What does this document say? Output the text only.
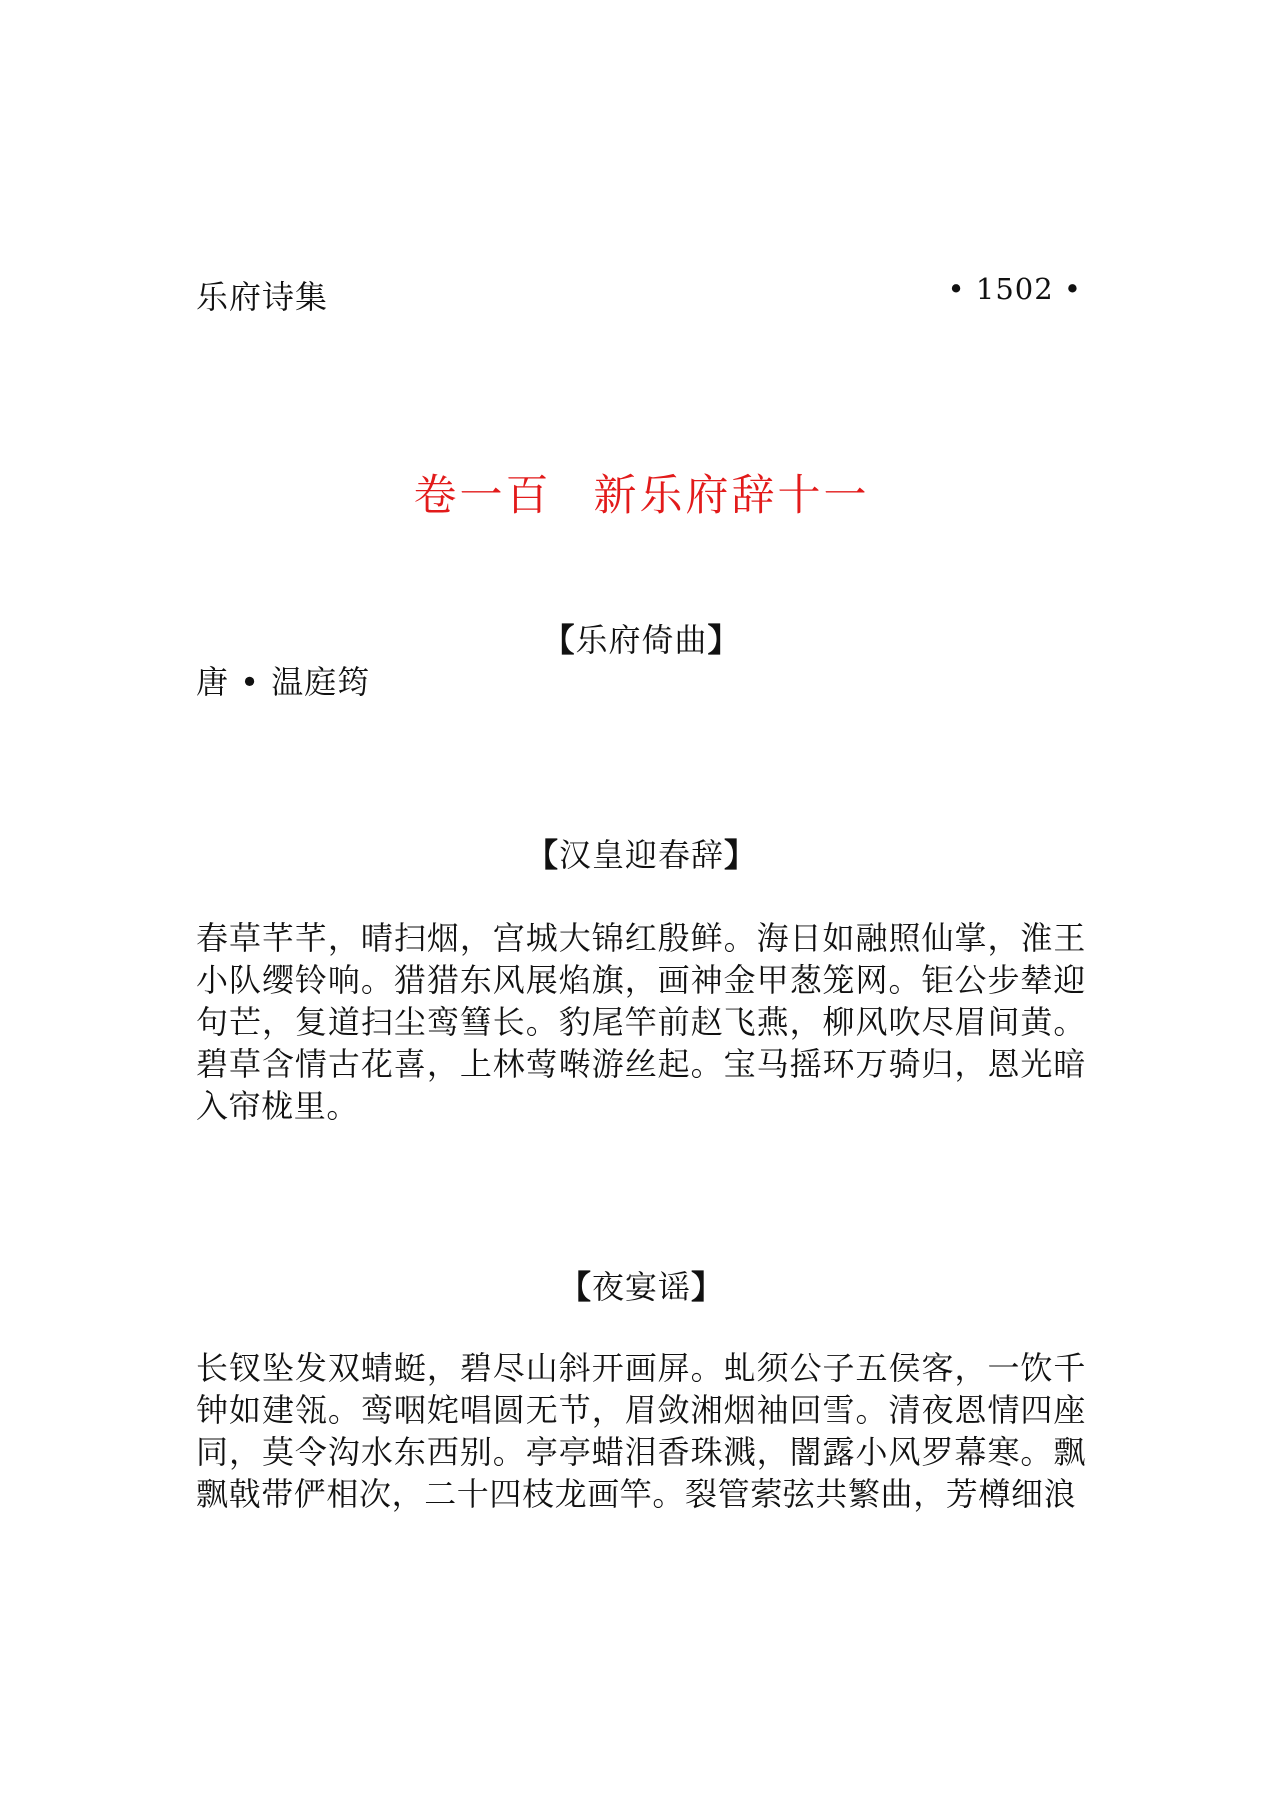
乐府诗集	• 1502 •
卷一百 新乐府辞十一
【乐府倚曲】
唐 • 温庭筠
【汉皇迎春辞】

春草芊芊，晴扫烟，宫城大锦红殷鲜。海日如融照仙掌，淮王小队缨铃响。猎猎东风展焰旗，画神金甲葱笼网。钜公步辇迎句芒，复道扫尘鸾篲长。豹尾竿前赵飞燕，柳风吹尽眉间黄。碧草含情古花喜，上林莺啭游丝起。宝马摇环万骑归，恩光暗入帘栊里。

【夜宴谣】

长钗坠发双蜻蜓，碧尽山斜开画屏。虬须公子五侯客，一饮千钟如建瓴。鸾咽姹唱圆无节，眉敛湘烟袖回雪。清夜恩情四座同，莫令沟水东西别。亭亭蜡泪香珠溅，闇露小风罗幕寒。飘飘戟带俨相次，二十四枝龙画竿。裂管萦弦共繁曲，芳樽细浪
